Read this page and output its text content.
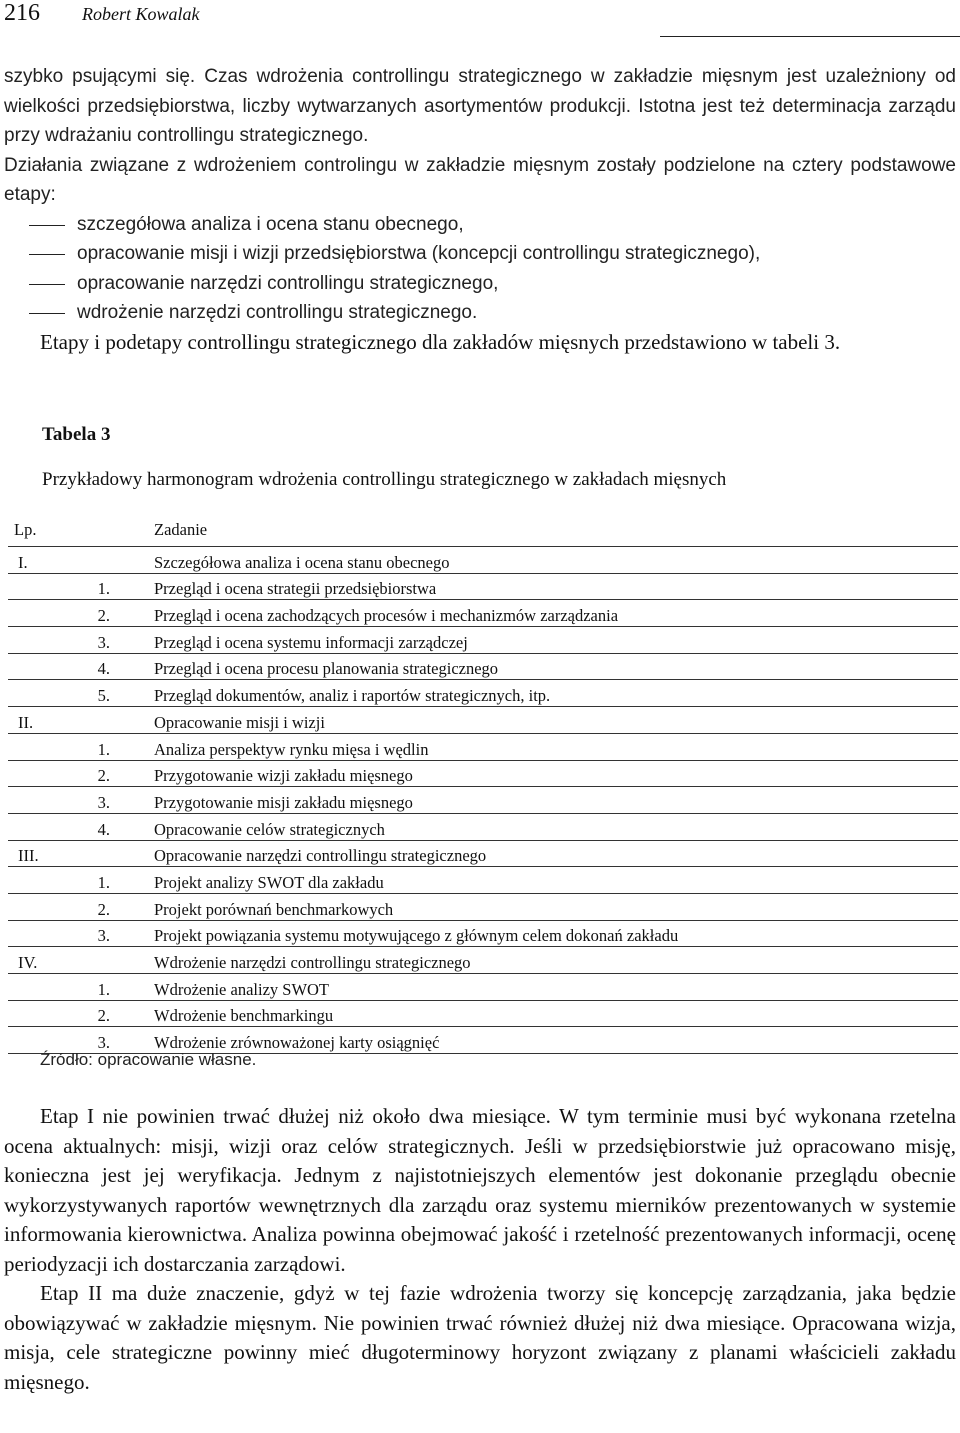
216 Robert Kowalak

szybko psującymi się. Czas wdrożenia controllingu strategicznego w zakładzie mięsnym jest uzależniony od wielkości przedsiębiorstwa, liczby wytwarzanych asortymentów produkcji. Istotna jest też determinacja zarządu przy wdrażaniu controllingu strategicznego.

Działania związane z wdrożeniem controlingu w zakładzie mięsnym zostały podzielone na cztery podstawowe etapy:

szczegółowa analiza i ocena stanu obecnego,
opracowanie misji i wizji przedsiębiorstwa (koncepcji controllingu strategicznego),
opracowanie narzędzi controllingu strategicznego,
wdrożenie narzędzi controllingu strategicznego.

Etapy i podetapy controllingu strategicznego dla zakładów mięsnych przedstawiono w tabeli 3.

Tabela 3
Przykładowy harmonogram wdrożenia controllingu strategicznego w zakładach mięsnych
Lp.	Zadanie
I.	Szczegółowa analiza i ocena stanu obecnego
1.	Przegląd i ocena strategii przedsiębiorstwa
2.	Przegląd i ocena zachodzących procesów i mechanizmów zarządzania
3.	Przegląd i ocena systemu informacji zarządczej
4.	Przegląd i ocena procesu planowania strategicznego
5.	Przegląd dokumentów, analiz i raportów strategicznych, itp.
II.	Opracowanie misji i wizji
1.	Analiza perspektyw rynku mięsa i wędlin
2.	Przygotowanie wizji zakładu mięsnego
3.	Przygotowanie misji zakładu mięsnego
4.	Opracowanie celów strategicznych
III.	Opracowanie narzędzi controllingu strategicznego
1.	Projekt analizy SWOT dla zakładu
2.	Projekt porównań benchmarkowych
3.	Projekt powiązania systemu motywującego z głównym celem dokonań zakładu
IV.	Wdrożenie narzędzi controllingu strategicznego
1.	Wdrożenie analizy SWOT
2.	Wdrożenie benchmarkingu
3.	Wdrożenie zrównoważonej karty osiągnięć
Źródło: opracowanie własne.

Etap I nie powinien trwać dłużej niż około dwa miesiące. W tym terminie musi być wykonana rzetelna ocena aktualnych: misji, wizji oraz celów strategicznych. Jeśli w przedsiębiorstwie już opracowano misję, konieczna jest jej weryfikacja. Jednym z najistotniejszych elementów jest dokonanie przeglądu obecnie wykorzystywanych raportów wewnętrznych dla zarządu oraz systemu mierników prezentowanych w systemie informowania kierownictwa. Analiza powinna obejmować jakość i rzetelność prezentowanych informacji, ocenę periodyzacji ich dostarczania zarządowi.

Etap II ma duże znaczenie, gdyż w tej fazie wdrożenia tworzy się koncepcję zarządzania, jaka będzie obowiązywać w zakładzie mięsnym. Nie powinien trwać również dłużej niż dwa miesiące. Opracowana wizja, misja, cele strategiczne powinny mieć długoterminowy horyzont związany z planami właścicieli zakładu mięsnego.
